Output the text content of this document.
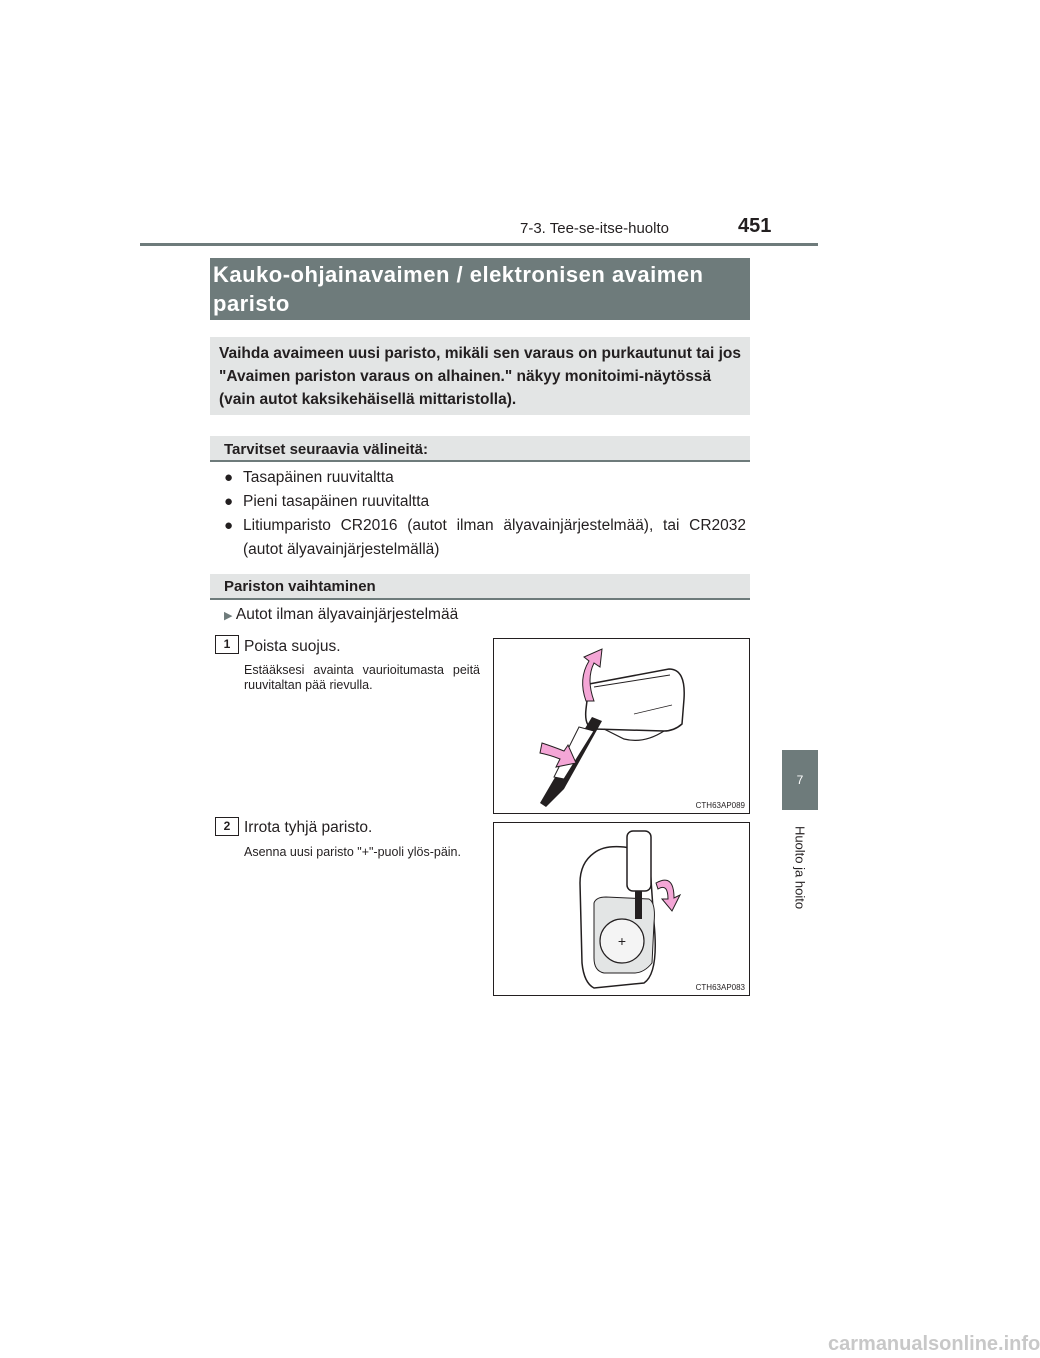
7-3. Tee-se-itse-huolto	451
Kauko-ohjainavaimen / elektronisen avaimen paristo
Vaihda avaimeen uusi paristo, mikäli sen varaus on purkautunut tai jos "Avaimen pariston varaus on alhainen." näkyy monitoimi-näytössä (vain autot kaksikehäisellä mittaristolla).
Tarvitset seuraavia välineitä:
● Tasapäinen ruuvitaltta
● Pieni tasapäinen ruuvitaltta
● Litiumparisto CR2016 (autot ilman älyavainjärjestelmää), tai CR2032 (autot älyavainjärjestelmällä)
Pariston vaihtaminen
▶ Autot ilman älyavainjärjestelmää
1 Poista suojus.
Estääksesi avainta vaurioitumasta peitä ruuvitaltan pää rievulla.
CTH63AP089
2 Irrota tyhjä paristo.
Asenna uusi paristo "+"-puoli ylös-päin.
+
CTH63AP083
7
Huolto ja hoito
carmanualsonline.info
